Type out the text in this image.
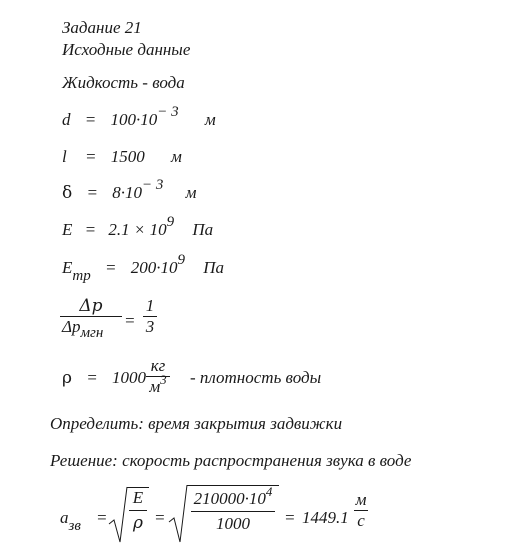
Задание 21
Исходные данные
Жидкость - вода
d = 100·10− 3 м
l = 1500 м
δ = 8·10− 3 м
E = 2.1 × 109 Па
Eтр = 200·109 Па
Δp
Δpмгн
=
1
3
ρ = 1000
кг
$м^3$ - плотность воды
Определить: время закрытия задвижки
Решение: скорость распространения звука в воде
aзв =
E
ρ =
$210000\cdot 10^4$
1000	= 1449.1
м
с
